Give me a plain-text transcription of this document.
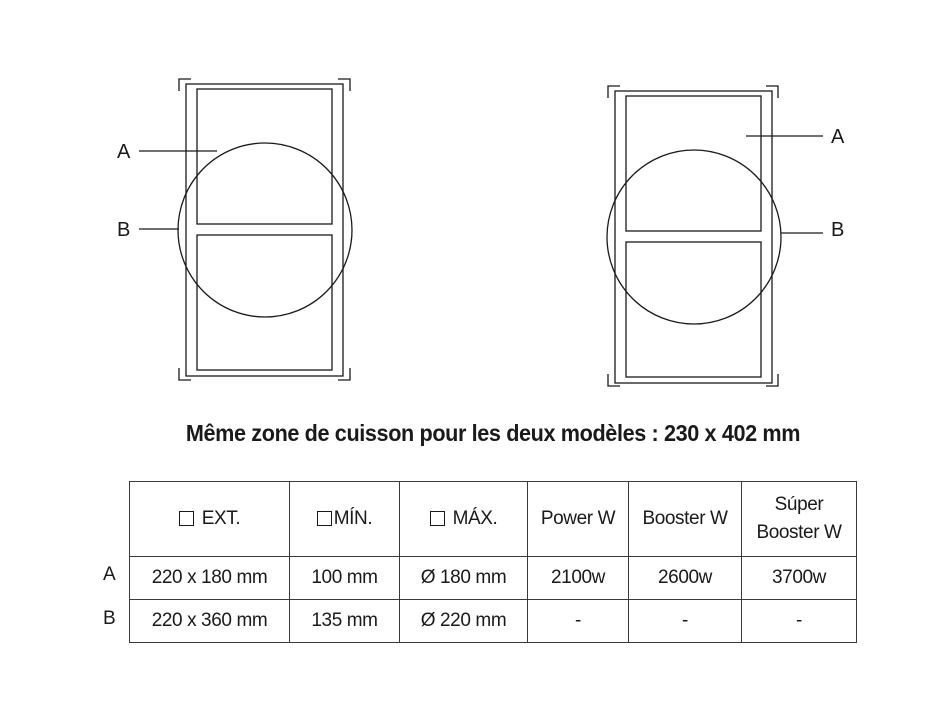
A
B
A
B
Même zone de cuisson pour les deux modèles : 230 x 402 mm
A
B
EXT.	MÍN.	MÁX.	Power W	Booster W	Súper
Booster W
220 x 180 mm	100 mm	Ø 180 mm	2100w	2600w	3700w
220 x 360 mm	135 mm	Ø 220 mm	-	-	-
